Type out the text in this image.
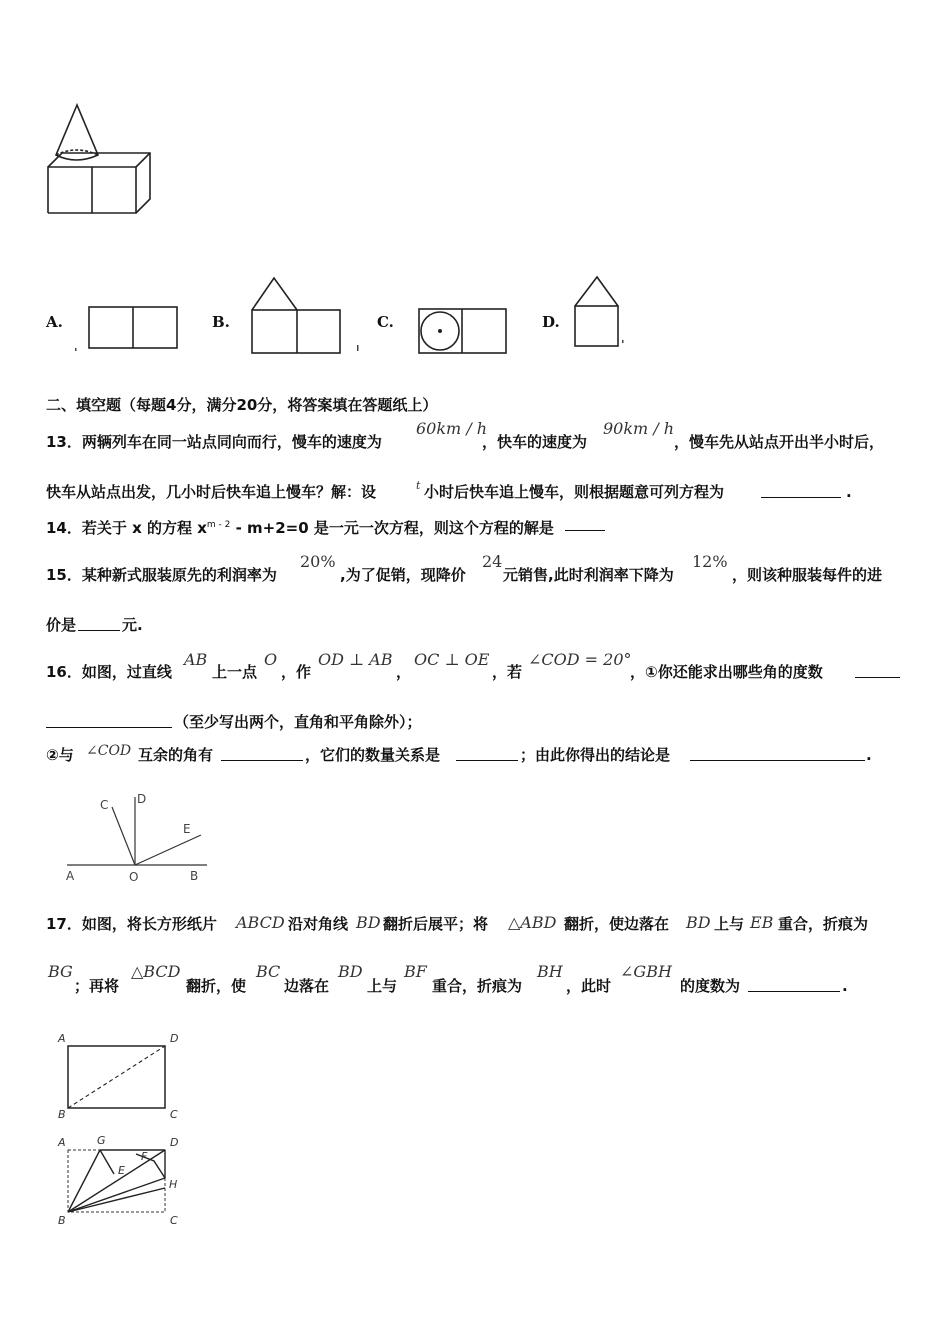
A.	B.	C.	D.
二、填空题（每题4分，满分20分，将答案填在答题纸上）
13．两辆列车在同一站点同向而行，慢车的速度为
60km / h
，快车的速度为
90km / h
，慢车先从站点开出半小时后，
快车从站点出发，几小时后快车追上慢车？解：设	t 小时后快车追上慢车，则根据题意可列方程为	.
14．若关于 x 的方程 $x^{m - 2} - m+2=0$ 是一元一次方程，则这个方程的解是
15．某种新式服装原先的利润率为
20%
,为了促销，现降价
24
元销售,此时利润率下降为
12%
，则该种服装每件的进
价是	元.
16．如图，过直线
AB
上一点
O
，作
OD ⊥ AB
，
OC ⊥ OE
，若
∠COD = 20°
，①你还能求出哪些角的度数
（至少写出两个，直角和平角除外）；
②与 ∠COD 互余的角有	，它们的数量关系是	；由此你得出的结论是	.
C D
E
A	O	B
17．如图，将长方形纸片 ABCD 沿对角线 BD 翻折后展平；将 △ABD 翻折，使边落在 BD 上与 EB 重合，折痕为
BG
；再将
△BCD
翻折，使
BC
边落在
BD
上与
BF
重合，折痕为
BH
，此时
∠GBH
的度数为	.
A	D
B	C
A	G	D
E
F
H
B	C
